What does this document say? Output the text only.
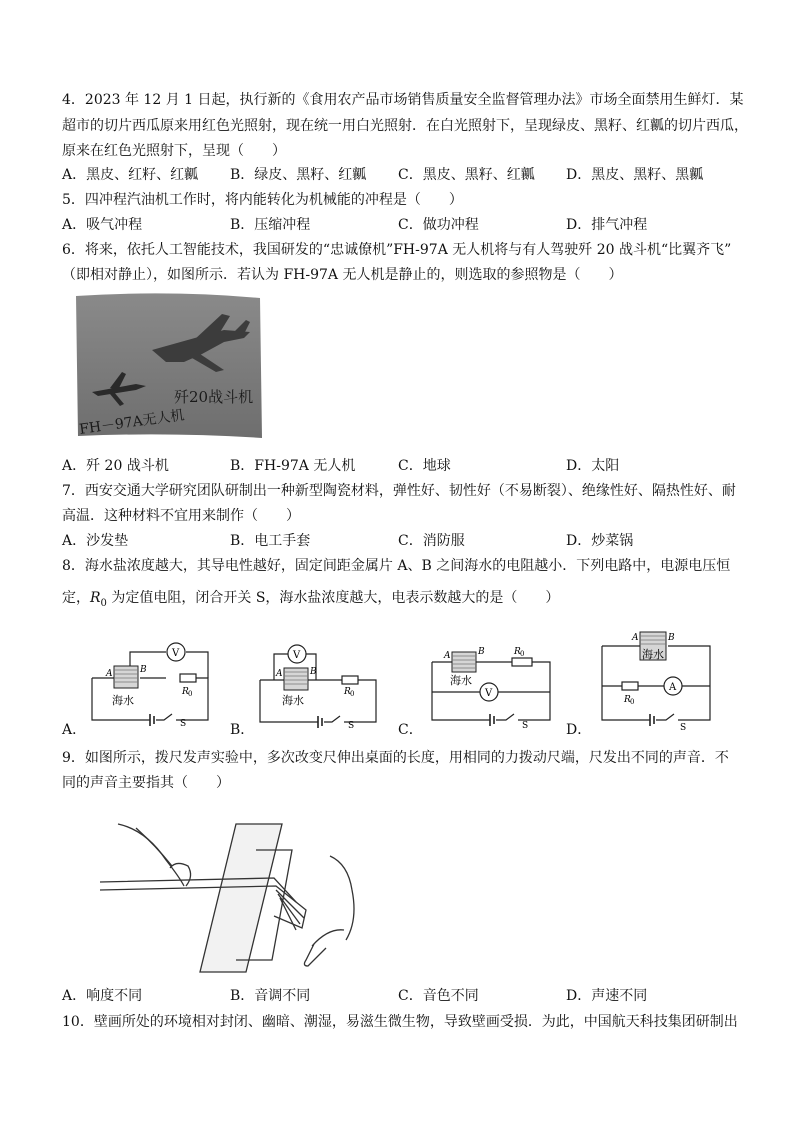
4．2023 年 12 月 1 日起，执行新的《食用农产品市场销售质量安全监督管理办法》市场全面禁用生鲜灯．某
超市的切片西瓜原来用红色光照射，现在统一用白光照射．在白光照射下，呈现绿皮、黑籽、红瓤的切片西瓜，
原来在红色光照射下，呈现（　　）
A．黑皮、红籽、红瓤 B．绿皮、黑籽、红瓤 C．黑皮、黑籽、红瓤 D．黑皮、黑籽、黑瓤
5．四冲程汽油机工作时，将内能转化为机械能的冲程是（　　）
A．吸气冲程	B．压缩冲程	C．做功冲程	D．排气冲程
6．将来，依托人工智能技术，我国研发的“忠诚僚机”FH-97A 无人机将与有人驾驶歼 20 战斗机“比翼齐飞”
（即相对静止），如图所示．若认为 FH-97A 无人机是静止的，则选取的参照物是（　　）
歼20战斗机
FH－97A无人机
A．歼 20 战斗机	B．FH-97A 无人机	C．地球	D．太阳
7．西安交通大学研究团队研制出一种新型陶瓷材料，弹性好、韧性好（不易断裂）、绝缘性好、隔热性好、耐
高温．这种材料不宜用来制作（　　）
A．沙发垫	B．电工手套	C．消防服	D．炒菜锅
8．海水盐浓度越大，其导电性越好，固定间距金属片 A、B 之间海水的电阻越小．下列电路中，电源电压恒
定，$R_0$ 为定值电阻，闭合开关 S，海水盐浓度越大，电表示数越大的是（　　）
A．
A	B
海水
R 0
S
V
B．
A	B
海水
R 0
S
V
C．
A	B
海水
R 0
S
V
D．
A	B
海水
R 0
S
A
9．如图所示，拨尺发声实验中，多次改变尺伸出桌面的长度，用相同的力拨动尺端，尺发出不同的声音．不
同的声音主要指其（　　）
A．响度不同	B．音调不同	C．音色不同	D．声速不同
10．壁画所处的环境相对封闭、幽暗、潮湿，易滋生微生物，导致壁画受损．为此，中国航天科技集团研制出
